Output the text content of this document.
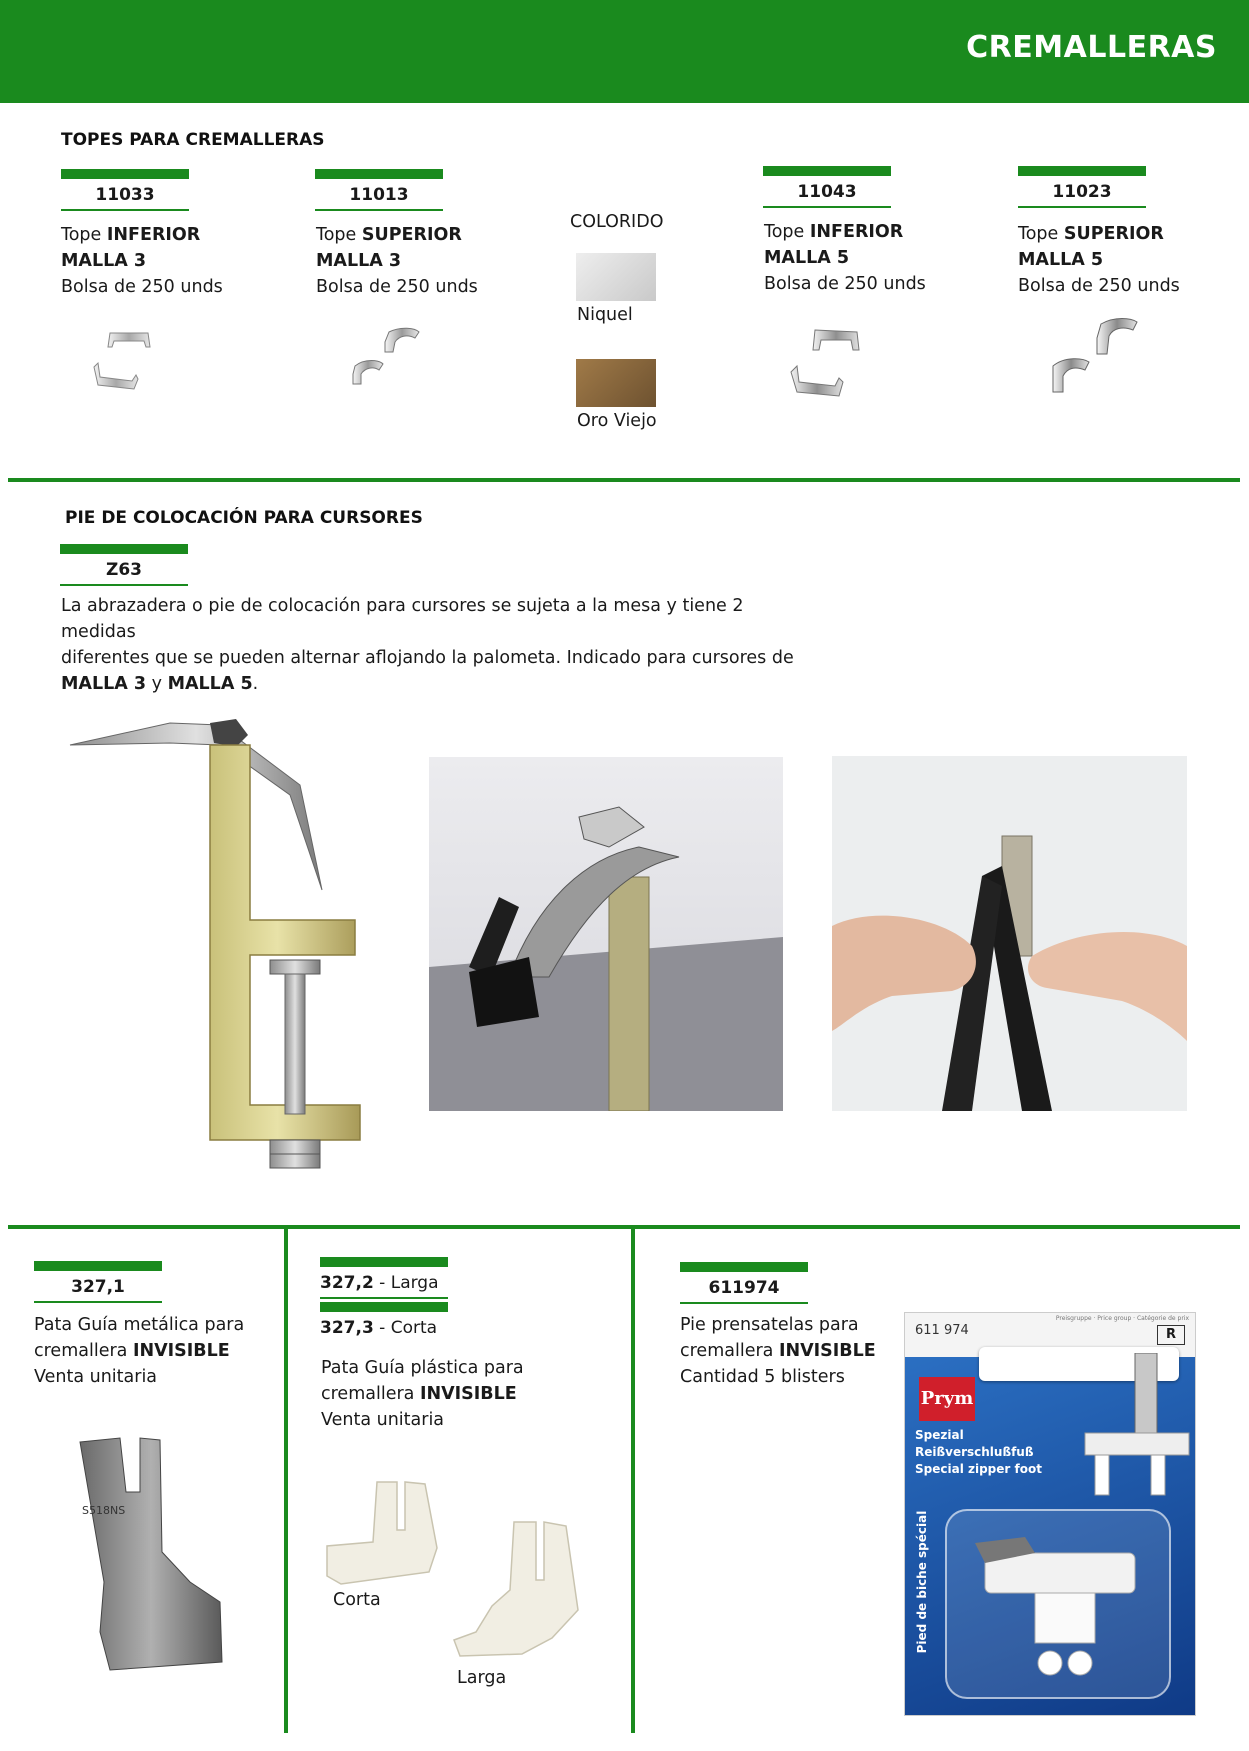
CREMALLERAS
TOPES PARA CREMALLERAS
11033
Tope INFERIOR
MALLA 3
Bolsa de 250 unds
11013
Tope SUPERIOR
MALLA 3
Bolsa de 250 unds
COLORIDO
Niquel
Oro Viejo
11043
Tope INFERIOR
MALLA 5
Bolsa de 250 unds
11023
Tope SUPERIOR
MALLA 5
Bolsa de 250 unds
PIE DE COLOCACIÓN PARA CURSORES
Z63
La abrazadera o pie de colocación para cursores se sujeta a la mesa y tiene 2 medidas
diferentes que se pueden alternar aflojando la palometa. Indicado para cursores de
MALLA 3 y MALLA 5.
327,1
Pata Guía metálica para
cremallera INVISIBLE
Venta unitaria
S518NS
327,2 - Larga
327,3 - Corta
Pata Guía plástica para
cremallera INVISIBLE
Venta unitaria
Corta
Larga
611974
Pie prensatelas para
cremallera INVISIBLE
Cantidad 5 blisters
611 974
Preisgruppe · Price group · Catégorie de prix
R
Prym
Spezial
Reißverschlußfuß
Special zipper foot
Pied de biche spécial
